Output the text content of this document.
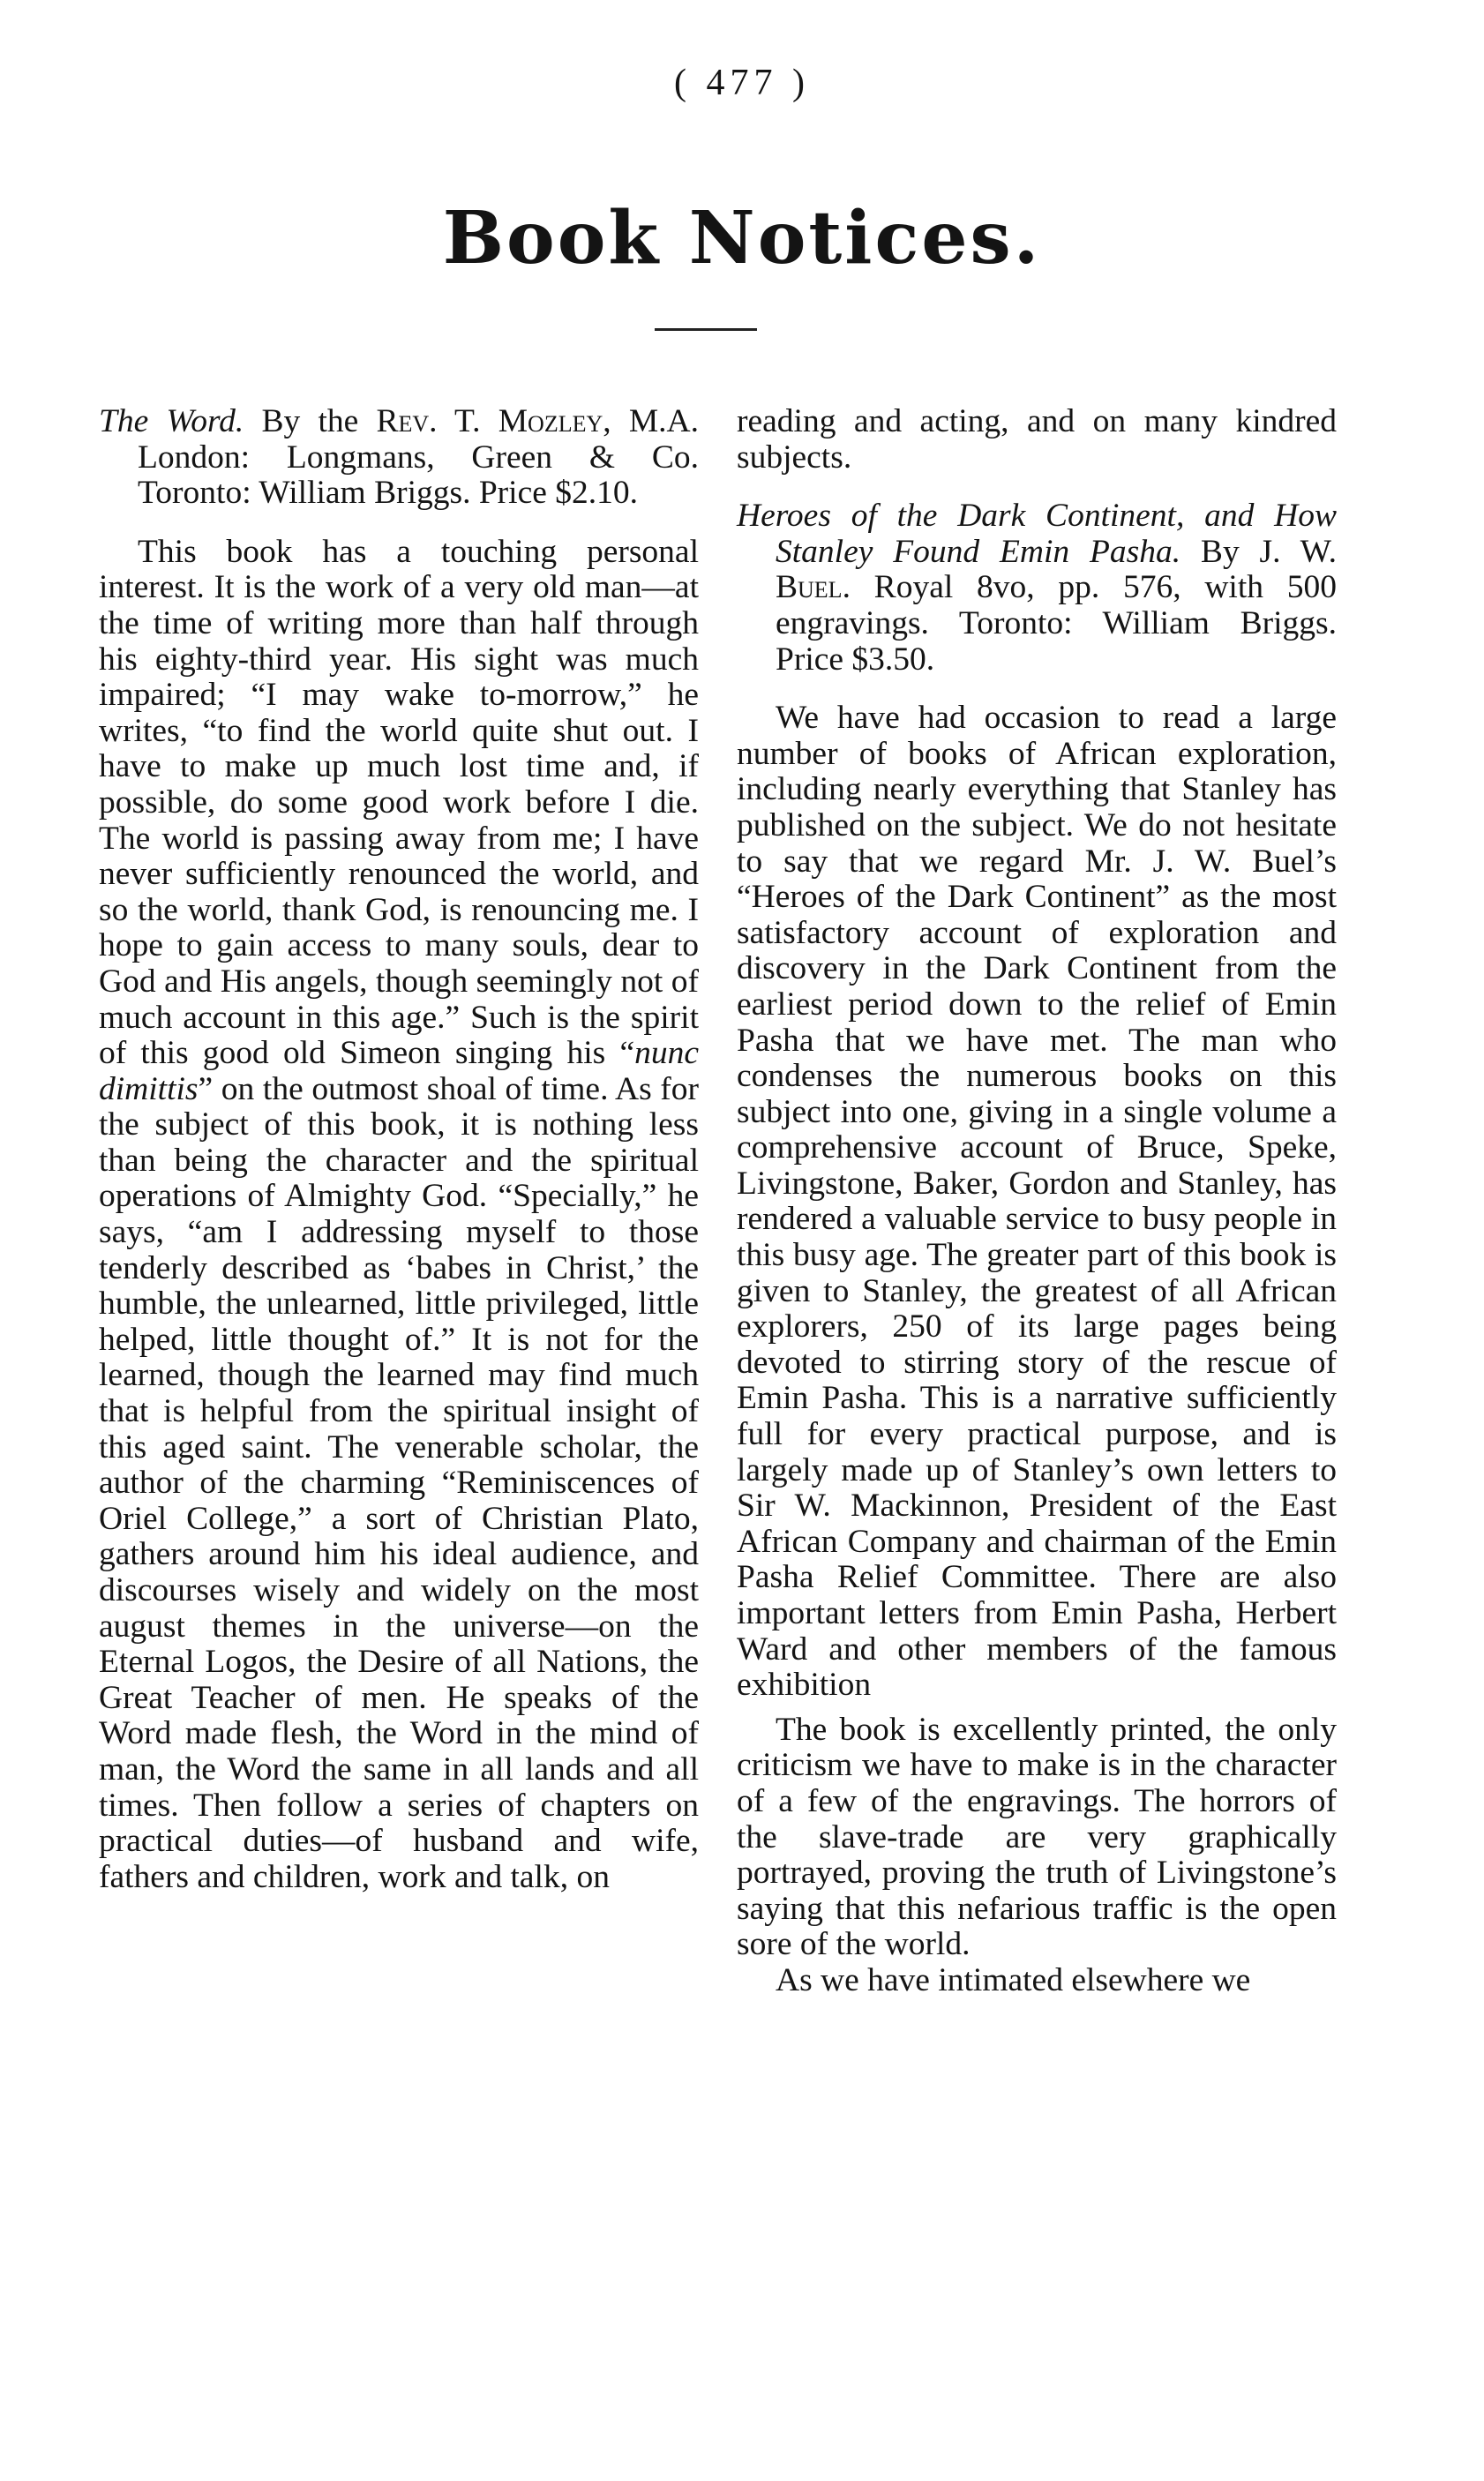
( 477 )
Book Notices.

The Word. By the Rev. T. Mozley, M.A. London: Longmans, Green & Co. Toronto: William Briggs. Price $2.10.

This book has a touching personal interest. It is the work of a very old man—at the time of writing more than half through his eighty-third year. His sight was much impaired; “I may wake to-morrow,” he writes, “to find the world quite shut out. I have to make up much lost time and, if possible, do some good work before I die. The world is passing away from me; I have never sufficiently renounced the world, and so the world, thank God, is renouncing me. I hope to gain access to many souls, dear to God and His angels, though seemingly not of much account in this age.” Such is the spirit of this good old Simeon singing his “nunc dimittis” on the outmost shoal of time. As for the subject of this book, it is nothing less than being the character and the spiritual operations of Almighty God. “Specially,” he says, “am I addressing myself to those tenderly described as ‘babes in Christ,’ the humble, the unlearned, little privileged, little helped, little thought of.” It is not for the learned, though the learned may find much that is helpful from the spiritual insight of this aged saint. The venerable scholar, the author of the charming “Reminiscences of Oriel College,” a sort of Christian Plato, gathers around him his ideal audience, and discourses wisely and widely on the most august themes in the universe—on the Eternal Logos, the Desire of all Nations, the Great Teacher of men. He speaks of the Word made flesh, the Word in the mind of man, the Word the same in all lands and all times. Then follow a series of chapters on practical duties—of husband and wife, fathers and children, work and talk, on

reading and acting, and on many kindred subjects.

Heroes of the Dark Continent, and How Stanley Found Emin Pasha. By J. W. Buel. Royal 8vo, pp. 576, with 500 engravings. Toronto: William Briggs. Price $3.50.

We have had occasion to read a large number of books of African exploration, including nearly everything that Stanley has published on the subject. We do not hesitate to say that we regard Mr. J. W. Buel’s “Heroes of the Dark Continent” as the most satisfactory account of exploration and discovery in the Dark Continent from the earliest period down to the relief of Emin Pasha that we have met. The man who condenses the numerous books on this subject into one, giving in a single volume a comprehensive account of Bruce, Speke, Livingstone, Baker, Gordon and Stanley, has rendered a valuable service to busy people in this busy age. The greater part of this book is given to Stanley, the greatest of all African explorers, 250 of its large pages being devoted to stirring story of the rescue of Emin Pasha. This is a narrative sufficiently full for every practical purpose, and is largely made up of Stanley’s own letters to Sir W. Mackinnon, President of the East African Company and chairman of the Emin Pasha Relief Committee. There are also important letters from Emin Pasha, Herbert Ward and other members of the famous exhibition

The book is excellently printed, the only criticism we have to make is in the character of a few of the engravings. The horrors of the slave-trade are very graphically portrayed, proving the truth of Livingstone’s saying that this nefarious traffic is the open sore of the world.

As we have intimated elsewhere we
